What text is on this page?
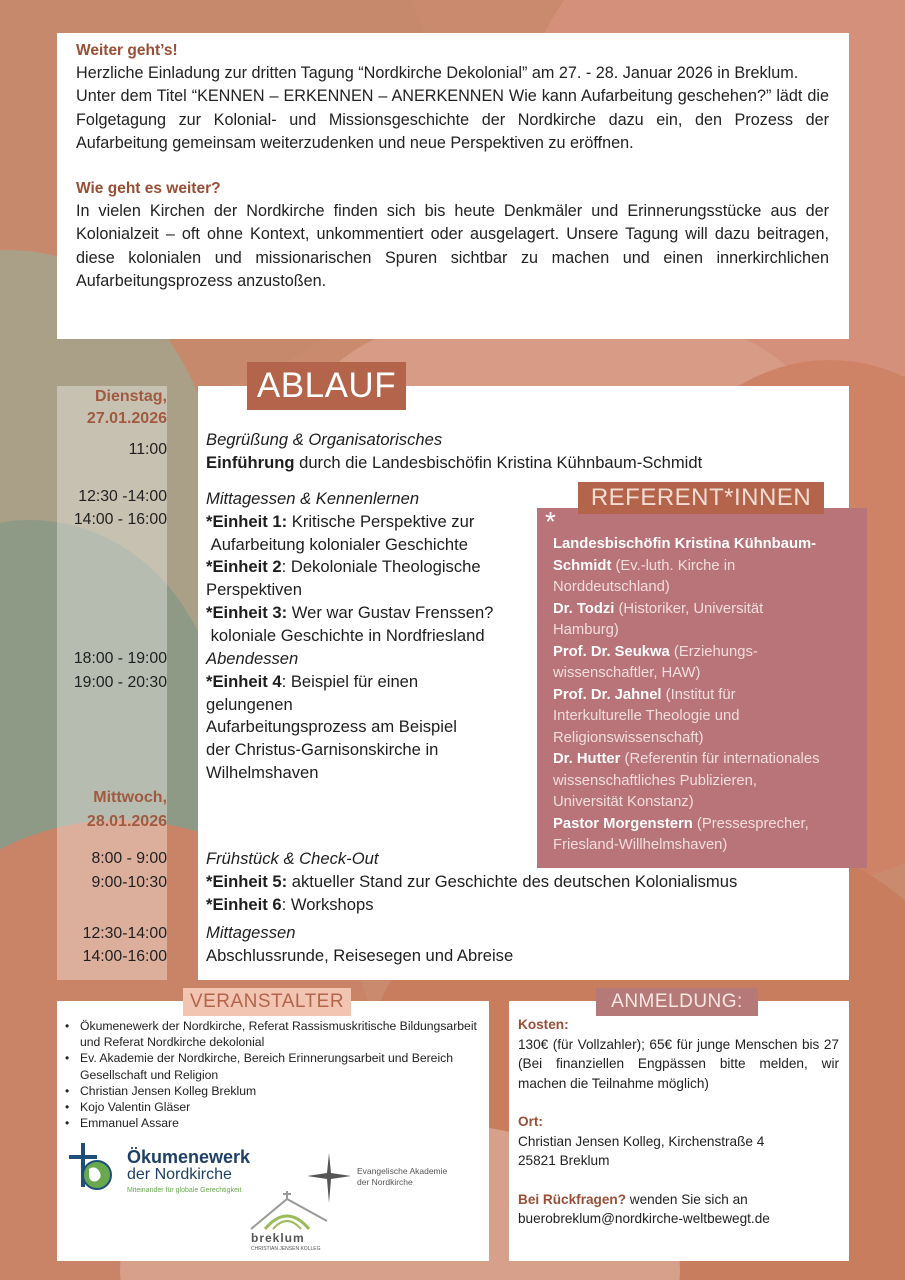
Weiter geht’s!

Herzliche Einladung zur dritten Tagung “Nordkirche Dekolonial” am 27. - 28. Januar 2026 in Breklum.

Unter dem Titel “KENNEN – ERKENNEN – ANERKENNEN Wie kann Aufarbeitung geschehen?” lädt die Folgetagung zur Kolonial- und Missionsgeschichte der Nordkirche dazu ein, den Prozess der Aufarbeitung gemeinsam weiterzudenken und neue Perspektiven zu eröffnen.

Wie geht es weiter?

In vielen Kirchen der Nordkirche finden sich bis heute Denkmäler und Erinnerungsstücke aus der Kolonialzeit – oft ohne Kontext, unkommentiert oder ausgelagert. Unsere Tagung will dazu beitragen, diese kolonialen und missionarischen Spuren sichtbar zu machen und einen innerkirchlichen Aufarbeitungsprozess anzustoßen.

ABLAUF
Dienstag,
27.01.2026
11:00
Begrüßung & Organisatorisches
Einführung durch die Landesbischöfin Kristina Kühnbaum-Schmidt
12:30 -14:00
14:00 - 16:00
Mittagessen & Kennenlernen
*Einheit 1: Kritische Perspektive zur
Aufarbeitung kolonialer Geschichte
*Einheit 2: Dekoloniale Theologische
Perspektiven
*Einheit 3: Wer war Gustav Frenssen?
koloniale Geschichte in Nordfriesland
18:00 - 19:00
19:00 - 20:30
Abendessen
*Einheit 4: Beispiel für einen
gelungenen
Aufarbeitungsprozess am Beispiel
der Christus-Garnisonskirche in
Wilhelmshaven
Mittwoch,
28.01.2026
8:00 - 9:00
9:00-10:30
Frühstück & Check-Out
*Einheit 5: aktueller Stand zur Geschichte des deutschen Kolonialismus
*Einheit 6: Workshops
12:30-14:00
14:00-16:00
Mittagessen
Abschlussrunde, Reisesegen und Abreise
*
Landesbischöfin Kristina Kühnbaum-
Schmidt (Ev.-luth. Kirche in
Norddeutschland)
Dr. Todzi (Historiker, Universität
Hamburg)
Prof. Dr. Seukwa (Erziehungs-
wissenschaftler, HAW)
Prof. Dr. Jahnel (Institut für
Interkulturelle Theologie und
Religionswissenschaft)
Dr. Hutter (Referentin für internationales
wissenschaftliches Publizieren,
Universität Konstanz)
Pastor Morgenstern (Pressesprecher,
Friesland-Willhelmshaven)
REFERENT*INNEN
• Ökumenewerk der Nordkirche, Referat Rassismuskritische Bildungsarbeit und Referat Nordkirche dekolonial
• Ev. Akademie der Nordkirche, Bereich Erinnerungsarbeit und Bereich Gesellschaft und Religion
• Christian Jensen Kolleg Breklum
• Kojo Valentin Gläser
• Emmanuel Assare
Ökumenewerk
der Nordkirche
Miteinander für globale Gerechtigkeit
Evangelische Akademie
der Nordkirche
breklum
CHRISTIAN JENSEN KOLLEG
VERANSTALTER
Kosten:

130€ (für Vollzahler); 65€ für junge Menschen bis 27 (Bei finanziellen Engpässen bitte melden, wir machen die Teilnahme möglich)

Ort:
Christian Jensen Kolleg, Kirchenstraße 4
25821 Breklum
Bei Rückfragen? wenden Sie sich an
buerobreklum@nordkirche-weltbewegt.de
ANMELDUNG:
